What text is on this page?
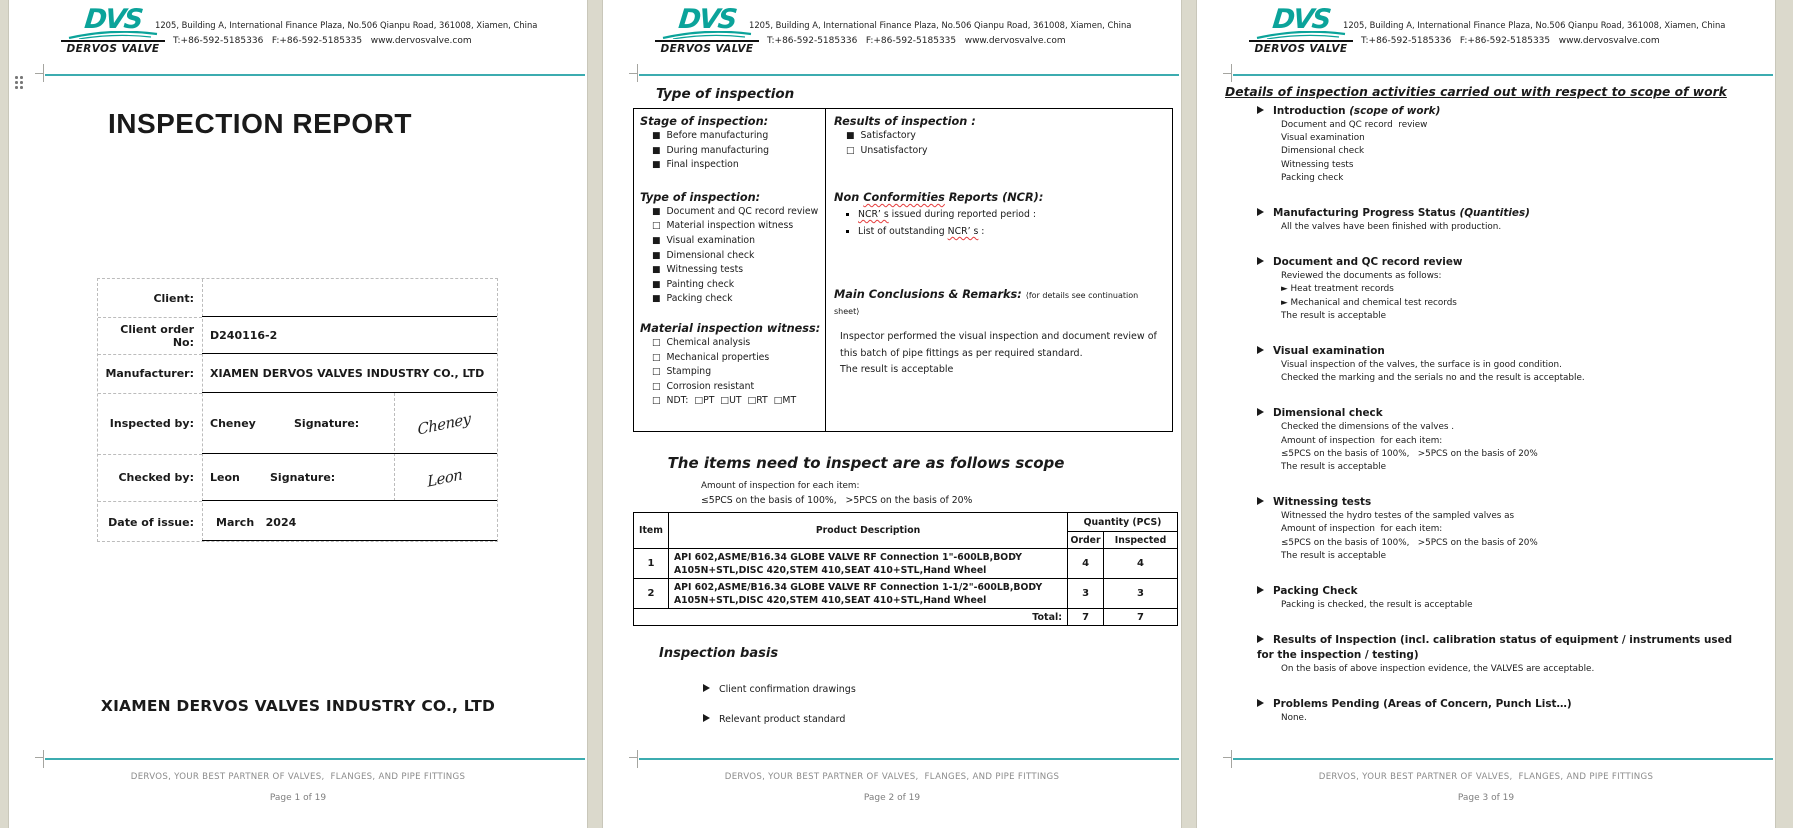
DVS
DERVOS VALVE
1205, Building A, International Finance Plaza, No.506 Qianpu Road, 361008, Xiamen, China
T:+86-592-5185336   F:+86-592-5185335   www.dervosvalve.com
INSPECTION REPORT
Client:
Client order No:	D240116-2
Manufacturer:	XIAMEN DERVOS VALVES INDUSTRY CO., LTD
Inspected by:	Cheney	Signature:	Cheney
Checked by:	Leon	Signature:	Leon
Date of issue:	March   2024
XIAMEN DERVOS VALVES INDUSTRY CO., LTD
DERVOS, YOUR BEST PARTNER OF VALVES,  FLANGES, AND PIPE FITTINGS
Page 1 of 19
DVS
DERVOS VALVE
1205, Building A, International Finance Plaza, No.506 Qianpu Road, 361008, Xiamen, China
T:+86-592-5185336   F:+86-592-5185335   www.dervosvalve.com
Type of inspection
Stage of inspection:
■ Before manufacturing
■ During manufacturing
■ Final inspection
Type of inspection:
■ Document and QC record review
□ Material inspection witness
■ Visual examination
■ Dimensional check
■ Witnessing tests
■ Painting check
■ Packing check
Material inspection witness:
□ Chemical analysis
□ Mechanical properties
□ Stamping
□ Corrosion resistant
□ NDT:  □PT  □UT  □RT  □MT
Results of inspection :
■ Satisfactory
□ Unsatisfactory
Non Conformities Reports (NCR):
NCR’ s issued during reported period :
List of outstanding NCR’ s :
Main Conclusions & Remarks: ⟨for details see continuation sheet⟩
Inspector performed the visual inspection and document review of
this batch of pipe fittings as per required standard.
The result is acceptable
The items need to inspect are as follows scope
Amount of inspection for each item:
≤5PCS on the basis of 100%,   >5PCS on the basis of 20%
Item	Product Description	Quantity (PCS)	
		Order	Inspected
1	API 602,ASME/B16.34 GLOBE VALVE RF Connection 1"-600LB,BODY
A105N+STL,DISC 420,STEM 410,SEAT 410+STL,Hand Wheel	4	4
2	API 602,ASME/B16.34 GLOBE VALVE RF Connection 1-1/2"-600LB,BODY
A105N+STL,DISC 420,STEM 410,SEAT 410+STL,Hand Wheel	3	3
Total:		7	7
Inspection basis
Client confirmation drawings
Relevant product standard
DERVOS, YOUR BEST PARTNER OF VALVES,  FLANGES, AND PIPE FITTINGS
Page 2 of 19
DVS
DERVOS VALVE
1205, Building A, International Finance Plaza, No.506 Qianpu Road, 361008, Xiamen, China
T:+86-592-5185336   F:+86-592-5185335   www.dervosvalve.com
Details of inspection activities carried out with respect to scope of work
Introduction (scope of work)
Document and QC record  review
Visual examination
Dimensional check
Witnessing tests
Packing check
Manufacturing Progress Status (Quantities)
All the valves have been finished with production.
Document and QC record review
Reviewed the documents as follows:
► Heat treatment records
► Mechanical and chemical test records
The result is acceptable
Visual examination
Visual inspection of the valves, the surface is in good condition.
Checked the marking and the serials no and the result is acceptable.
Dimensional check
Checked the dimensions of the valves .
Amount of inspection  for each item:
≤5PCS on the basis of 100%,   >5PCS on the basis of 20%
The result is acceptable
Witnessing tests
Witnessed the hydro testes of the sampled valves as
Amount of inspection  for each item:
≤5PCS on the basis of 100%,   >5PCS on the basis of 20%
The result is acceptable
Packing Check
Packing is checked, the result is acceptable
Results of Inspection (incl. calibration status of equipment / instruments used
for the inspection / testing)
On the basis of above inspection evidence, the VALVES are acceptable.
Problems Pending (Areas of Concern, Punch List…)
None.
DERVOS, YOUR BEST PARTNER OF VALVES,  FLANGES, AND PIPE FITTINGS
Page 3 of 19
